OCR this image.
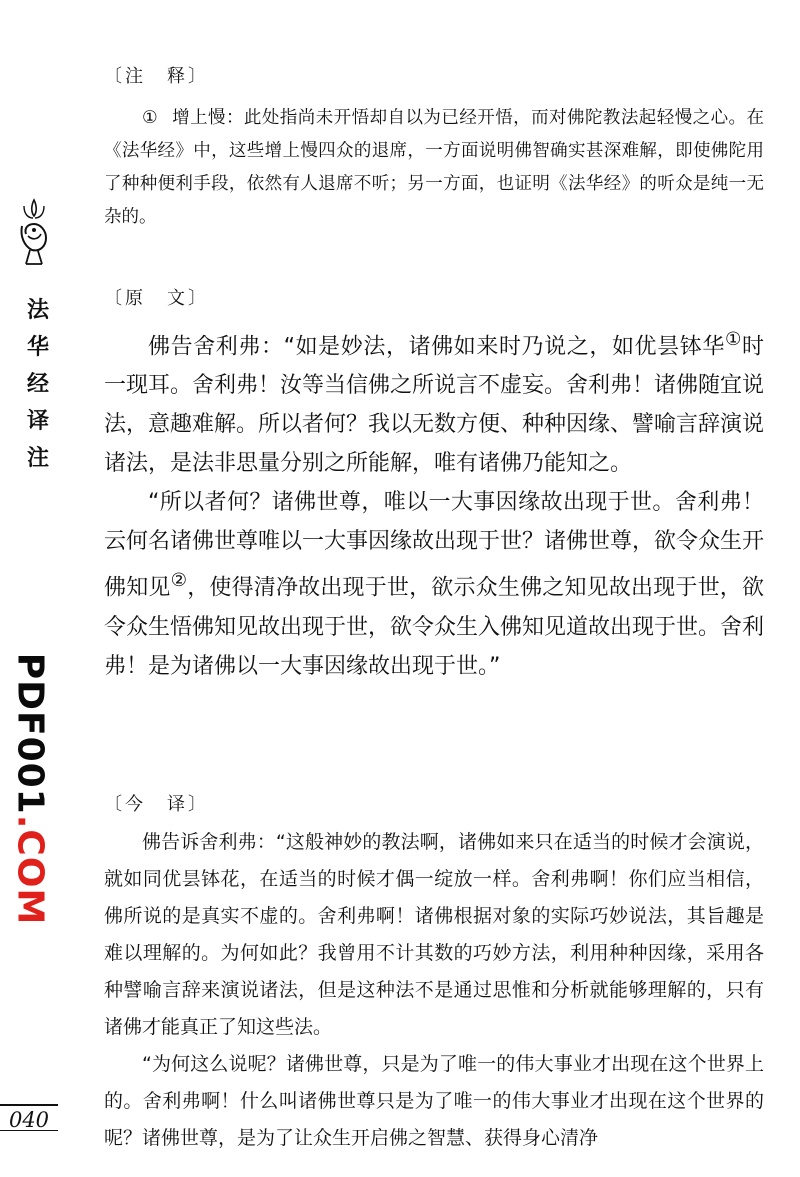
法
华
经
译
注
PDF001.COM
040
〔注　释〕

① 增上慢：此处指尚未开悟却自以为已经开悟，而对佛陀教法起轻慢之心。在《法华经》中，这些增上慢四众的退席，一方面说明佛智确实甚深难解，即使佛陀用了种种便利手段，依然有人退席不听；另一方面，也证明《法华经》的听众是纯一无杂的。

〔原　文〕

佛告舍利弗：“如是妙法，诸佛如来时乃说之，如优昙钵华①时一现耳。舍利弗！汝等当信佛之所说言不虚妄。舍利弗！诸佛随宜说法，意趣难解。所以者何？我以无数方便、种种因缘、譬喻言辞演说诸法，是法非思量分别之所能解，唯有诸佛乃能知之。

“所以者何？诸佛世尊，唯以一大事因缘故出现于世。舍利弗！云何名诸佛世尊唯以一大事因缘故出现于世？诸佛世尊，欲令众生开佛知见②，使得清净故出现于世，欲示众生佛之知见故出现于世，欲令众生悟佛知见故出现于世，欲令众生入佛知见道故出现于世。舍利弗！是为诸佛以一大事因缘故出现于世。”

〔今　译〕

佛告诉舍利弗：“这般神妙的教法啊，诸佛如来只在适当的时候才会演说，就如同优昙钵花，在适当的时候才偶一绽放一样。舍利弗啊！你们应当相信，佛所说的是真实不虚的。舍利弗啊！诸佛根据对象的实际巧妙说法，其旨趣是难以理解的。为何如此？我曾用不计其数的巧妙方法，利用种种因缘，采用各种譬喻言辞来演说诸法，但是这种法不是通过思惟和分析就能够理解的，只有诸佛才能真正了知这些法。

“为何这么说呢？诸佛世尊，只是为了唯一的伟大事业才出现在这个世界上的。舍利弗啊！什么叫诸佛世尊只是为了唯一的伟大事业才出现在这个世界的呢？诸佛世尊，是为了让众生开启佛之智慧、获得身心清净
